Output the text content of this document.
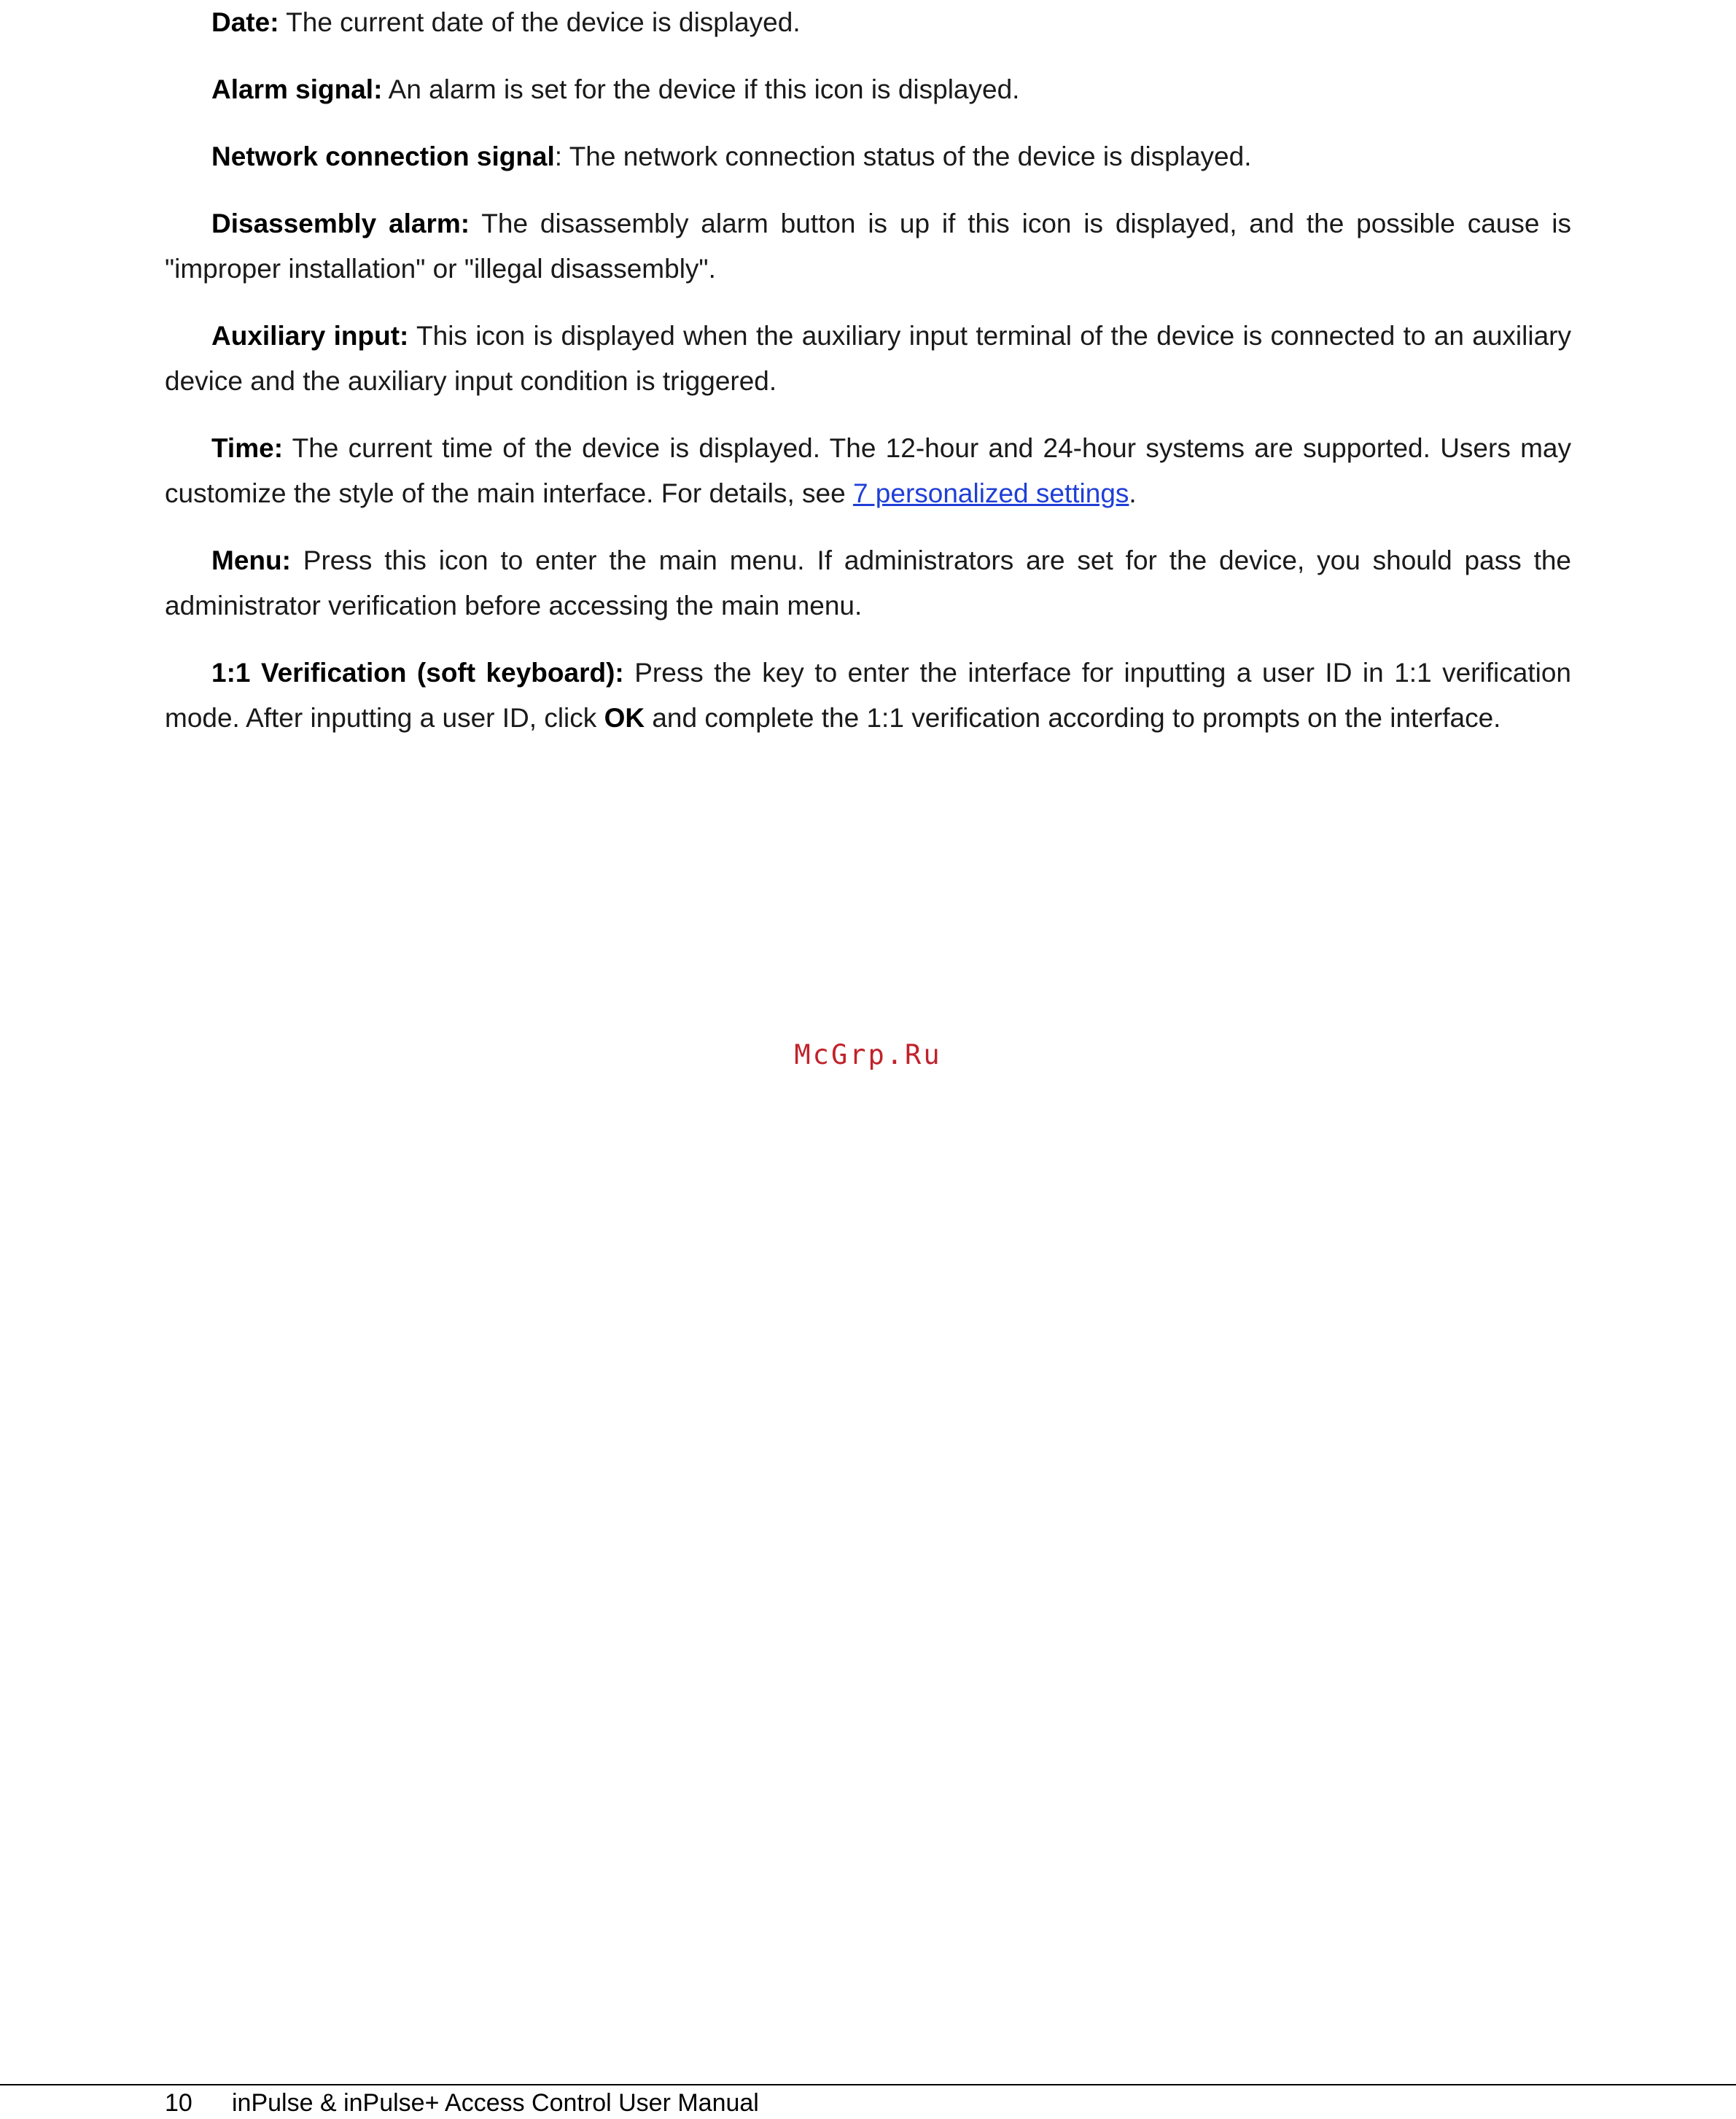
Date: The current date of the device is displayed.

Alarm signal: An alarm is set for the device if this icon is displayed.

Network connection signal: The network connection status of the device is displayed.

Disassembly alarm: The disassembly alarm button is up if this icon is displayed, and the possible cause is "improper installation" or "illegal disassembly".

Auxiliary input: This icon is displayed when the auxiliary input terminal of the device is connected to an auxiliary device and the auxiliary input condition is triggered.

Time: The current time of the device is displayed. The 12-hour and 24-hour systems are supported. Users may customize the style of the main interface. For details, see 7 personalized settings.

Menu: Press this icon to enter the main menu. If administrators are set for the device, you should pass the administrator verification before accessing the main menu.

1:1 Verification (soft keyboard): Press the key to enter the interface for inputting a user ID in 1:1 verification mode. After inputting a user ID, click OK and complete the 1:1 verification according to prompts on the interface.

McGrp.Ru
10 inPulse & inPulse+ Access Control User Manual
